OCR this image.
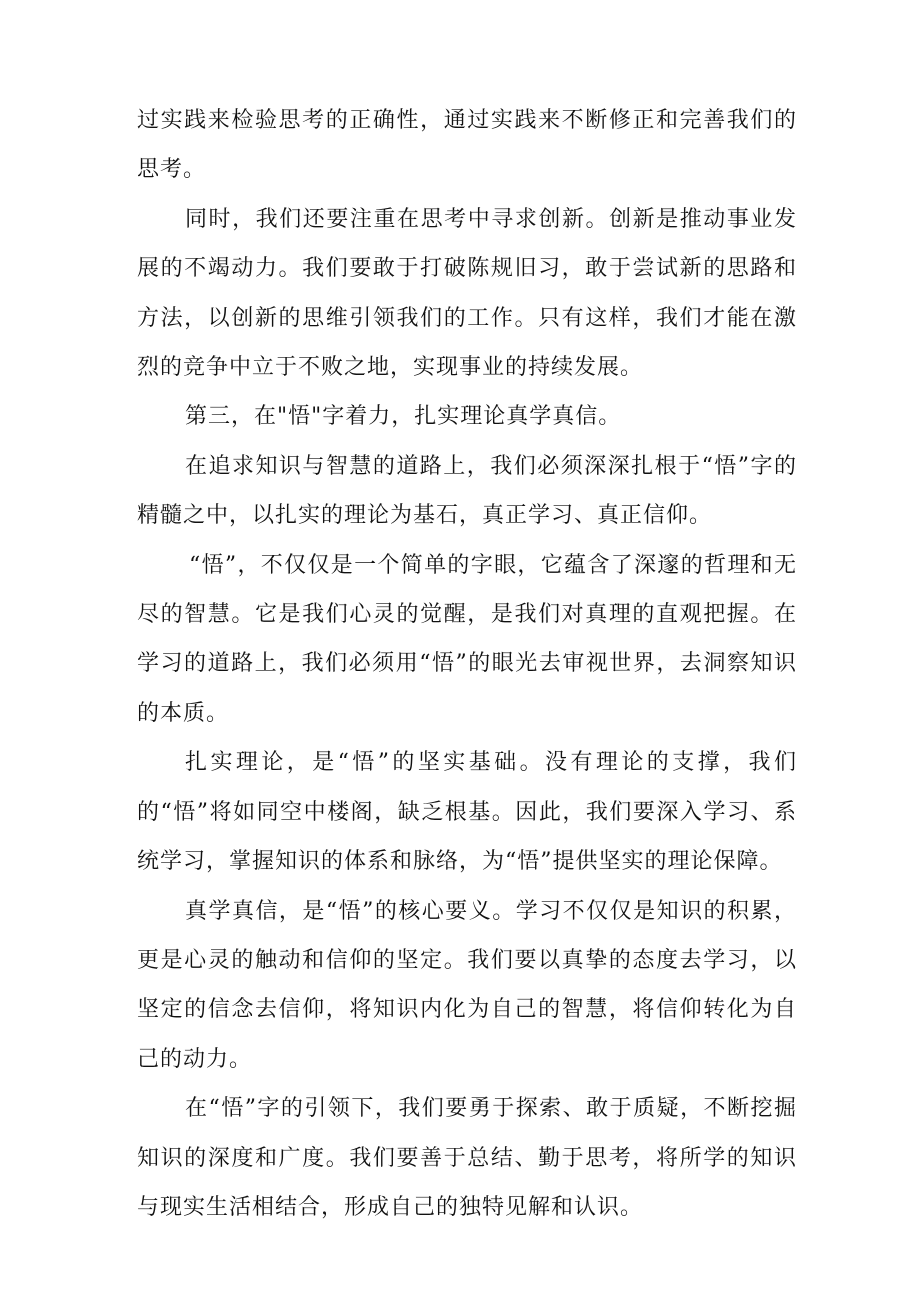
过实践来检验思考的正确性，通过实践来不断修正和完善我们的思考。

同时，我们还要注重在思考中寻求创新。创新是推动事业发展的不竭动力。我们要敢于打破陈规旧习，敢于尝试新的思路和方法，以创新的思维引领我们的工作。只有这样，我们才能在激烈的竞争中立于不败之地，实现事业的持续发展。

第三，在"悟"字着力，扎实理论真学真信。

在追求知识与智慧的道路上，我们必须深深扎根于“悟”字的精髓之中，以扎实的理论为基石，真正学习、真正信仰。

“悟”，不仅仅是一个简单的字眼，它蕴含了深邃的哲理和无尽的智慧。它是我们心灵的觉醒，是我们对真理的直观把握。在学习的道路上，我们必须用“悟”的眼光去审视世界，去洞察知识的本质。

扎实理论，是“悟”的坚实基础。没有理论的支撑，我们的“悟”将如同空中楼阁，缺乏根基。因此，我们要深入学习、系统学习，掌握知识的体系和脉络，为“悟”提供坚实的理论保障。

真学真信，是“悟”的核心要义。学习不仅仅是知识的积累，更是心灵的触动和信仰的坚定。我们要以真挚的态度去学习，以坚定的信念去信仰，将知识内化为自己的智慧，将信仰转化为自己的动力。

在“悟”字的引领下，我们要勇于探索、敢于质疑，不断挖掘知识的深度和广度。我们要善于总结、勤于思考，将所学的知识与现实生活相结合，形成自己的独特见解和认识。
